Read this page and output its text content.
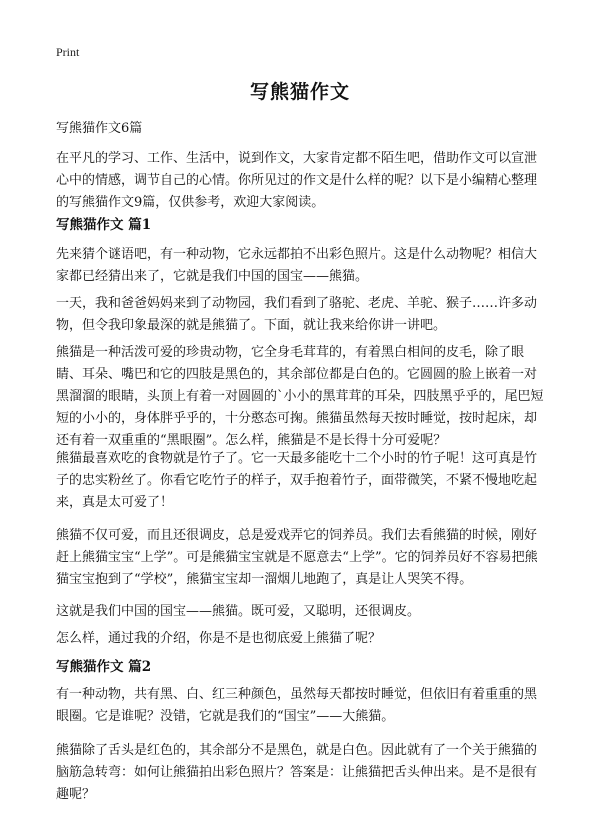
Print
写熊猫作文

写熊猫作文6篇

在平凡的学习、工作、生活中，说到作文，大家肯定都不陌生吧，借助作文可以宣泄心中的情感，调节自己的心情。你所见过的作文是什么样的呢？以下是小编精心整理的写熊猫作文9篇，仅供参考，欢迎大家阅读。

写熊猫作文 篇1

先来猜个谜语吧，有一种动物，它永远都拍不出彩色照片。这是什么动物呢？相信大家都已经猜出来了，它就是我们中国的国宝——熊猫。

一天，我和爸爸妈妈来到了动物园，我们看到了骆驼、老虎、羊驼、猴子……许多动物，但令我印象最深的就是熊猫了。下面，就让我来给你讲一讲吧。

熊猫是一种活泼可爱的珍贵动物，它全身毛茸茸的，有着黑白相间的皮毛，除了眼睛、耳朵、嘴巴和它的四肢是黑色的，其余部位都是白色的。它圆圆的脸上嵌着一对黑溜溜的眼睛，头顶上有着一对圆圆的`小小的黑茸茸的耳朵，四肢黑乎乎的，尾巴短短的小小的，身体胖乎乎的，十分憨态可掬。熊猫虽然每天按时睡觉，按时起床，却还有着一双重重的“黑眼圈”。怎么样，熊猫是不是长得十分可爱呢？

熊猫最喜欢吃的食物就是竹子了。它一天最多能吃十二个小时的竹子呢！这可真是竹子的忠实粉丝了。你看它吃竹子的样子，双手抱着竹子，面带微笑，不紧不慢地吃起来，真是太可爱了！

熊猫不仅可爱，而且还很调皮，总是爱戏弄它的饲养员。我们去看熊猫的时候，刚好赶上熊猫宝宝“上学”。可是熊猫宝宝就是不愿意去“上学”。它的饲养员好不容易把熊猫宝宝抱到了“学校”，熊猫宝宝却一溜烟儿地跑了，真是让人哭笑不得。

这就是我们中国的国宝——熊猫。既可爱，又聪明，还很调皮。

怎么样，通过我的介绍，你是不是也彻底爱上熊猫了呢？

写熊猫作文 篇2

有一种动物，共有黑、白、红三种颜色，虽然每天都按时睡觉，但依旧有着重重的黑眼圈。它是谁呢？没错，它就是我们的“国宝”——大熊猫。

熊猫除了舌头是红色的，其余部分不是黑色，就是白色。因此就有了一个关于熊猫的脑筋急转弯：如何让熊猫拍出彩色照片？答案是：让熊猫把舌头伸出来。是不是很有趣呢？
